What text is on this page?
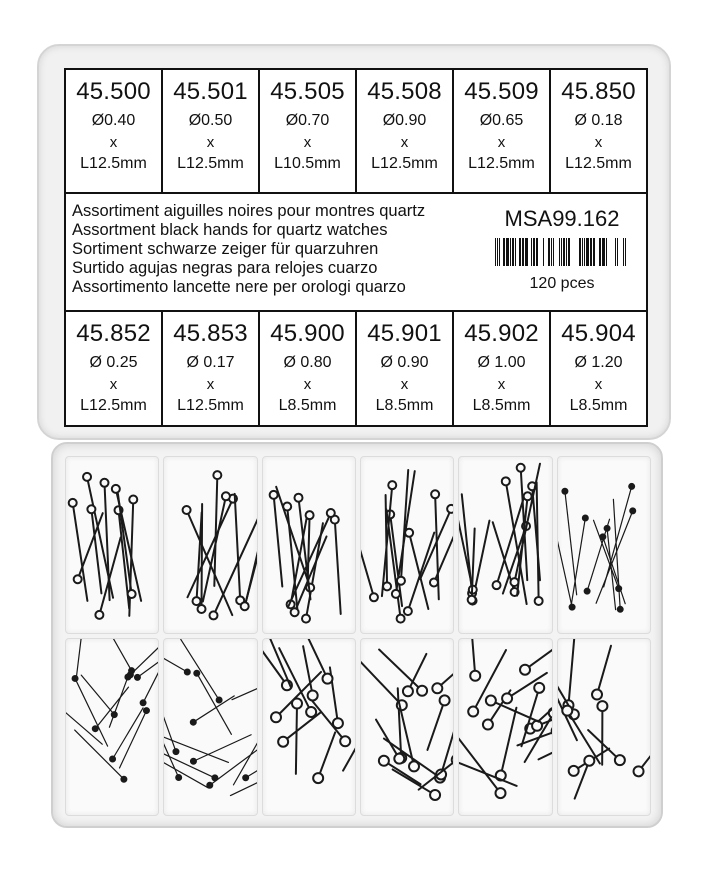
45.500
Ø0.40
x
L12.5mm
45.501
Ø0.50
x
L12.5mm
45.505
Ø0.70
x
L10.5mm
45.508
Ø0.90
x
L12.5mm
45.509
Ø0.65
x
L12.5mm
45.850
Ø 0.18
x
L12.5mm
Assortiment aiguilles noires pour montres quartz
Assortment black hands for quartz watches
Sortiment schwarze zeiger für quarzuhren
Surtido agujas negras para relojes cuarzo
Assortimento lancette nere per orologi quarzo
MSA99.162
120 pces
45.852
Ø 0.25
x
L12.5mm
45.853
Ø 0.17
x
L12.5mm
45.900
Ø 0.80
x
L8.5mm
45.901
Ø 0.90
x
L8.5mm
45.902
Ø 1.00
x
L8.5mm
45.904
Ø 1.20
x
L8.5mm
